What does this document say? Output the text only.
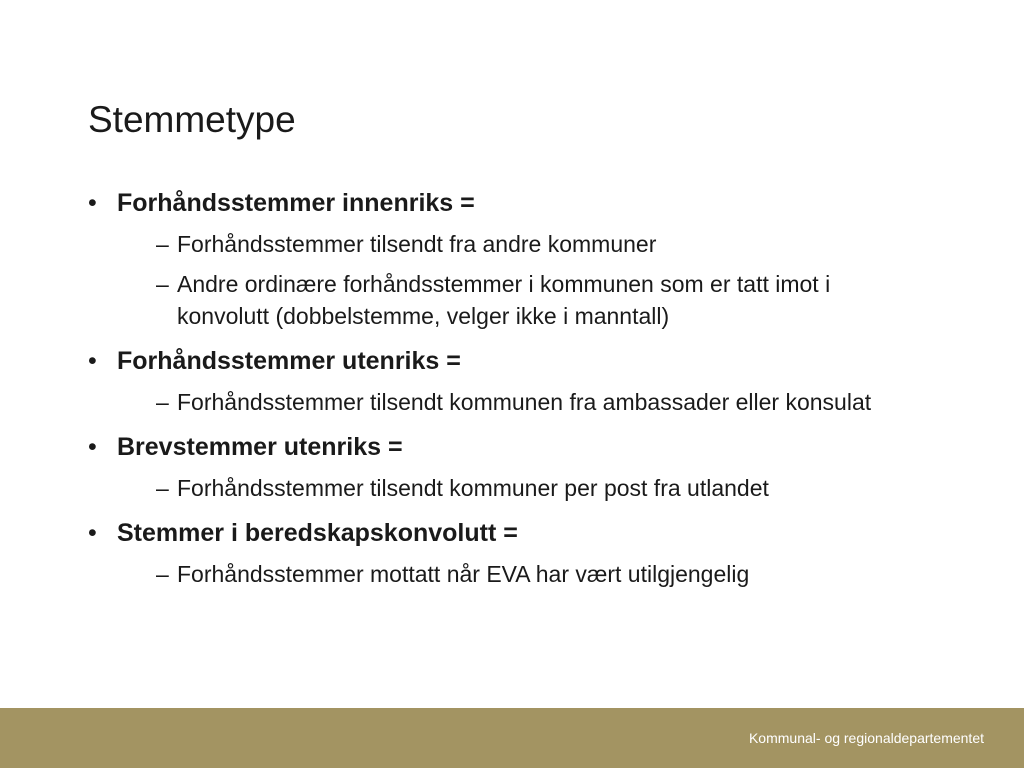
Stemmetype
• Forhåndsstemmer innenriks =
– Forhåndsstemmer tilsendt fra andre kommuner
– Andre ordinære forhåndsstemmer i kommunen som er tatt imot i konvolutt (dobbelstemme, velger ikke i manntall)
• Forhåndsstemmer utenriks =
– Forhåndsstemmer tilsendt kommunen fra ambassader eller konsulat
• Brevstemmer utenriks =
– Forhåndsstemmer tilsendt kommuner per post fra utlandet
• Stemmer i beredskapskonvolutt =
– Forhåndsstemmer mottatt når EVA har vært utilgjengelig
Kommunal- og regionaldepartementet
